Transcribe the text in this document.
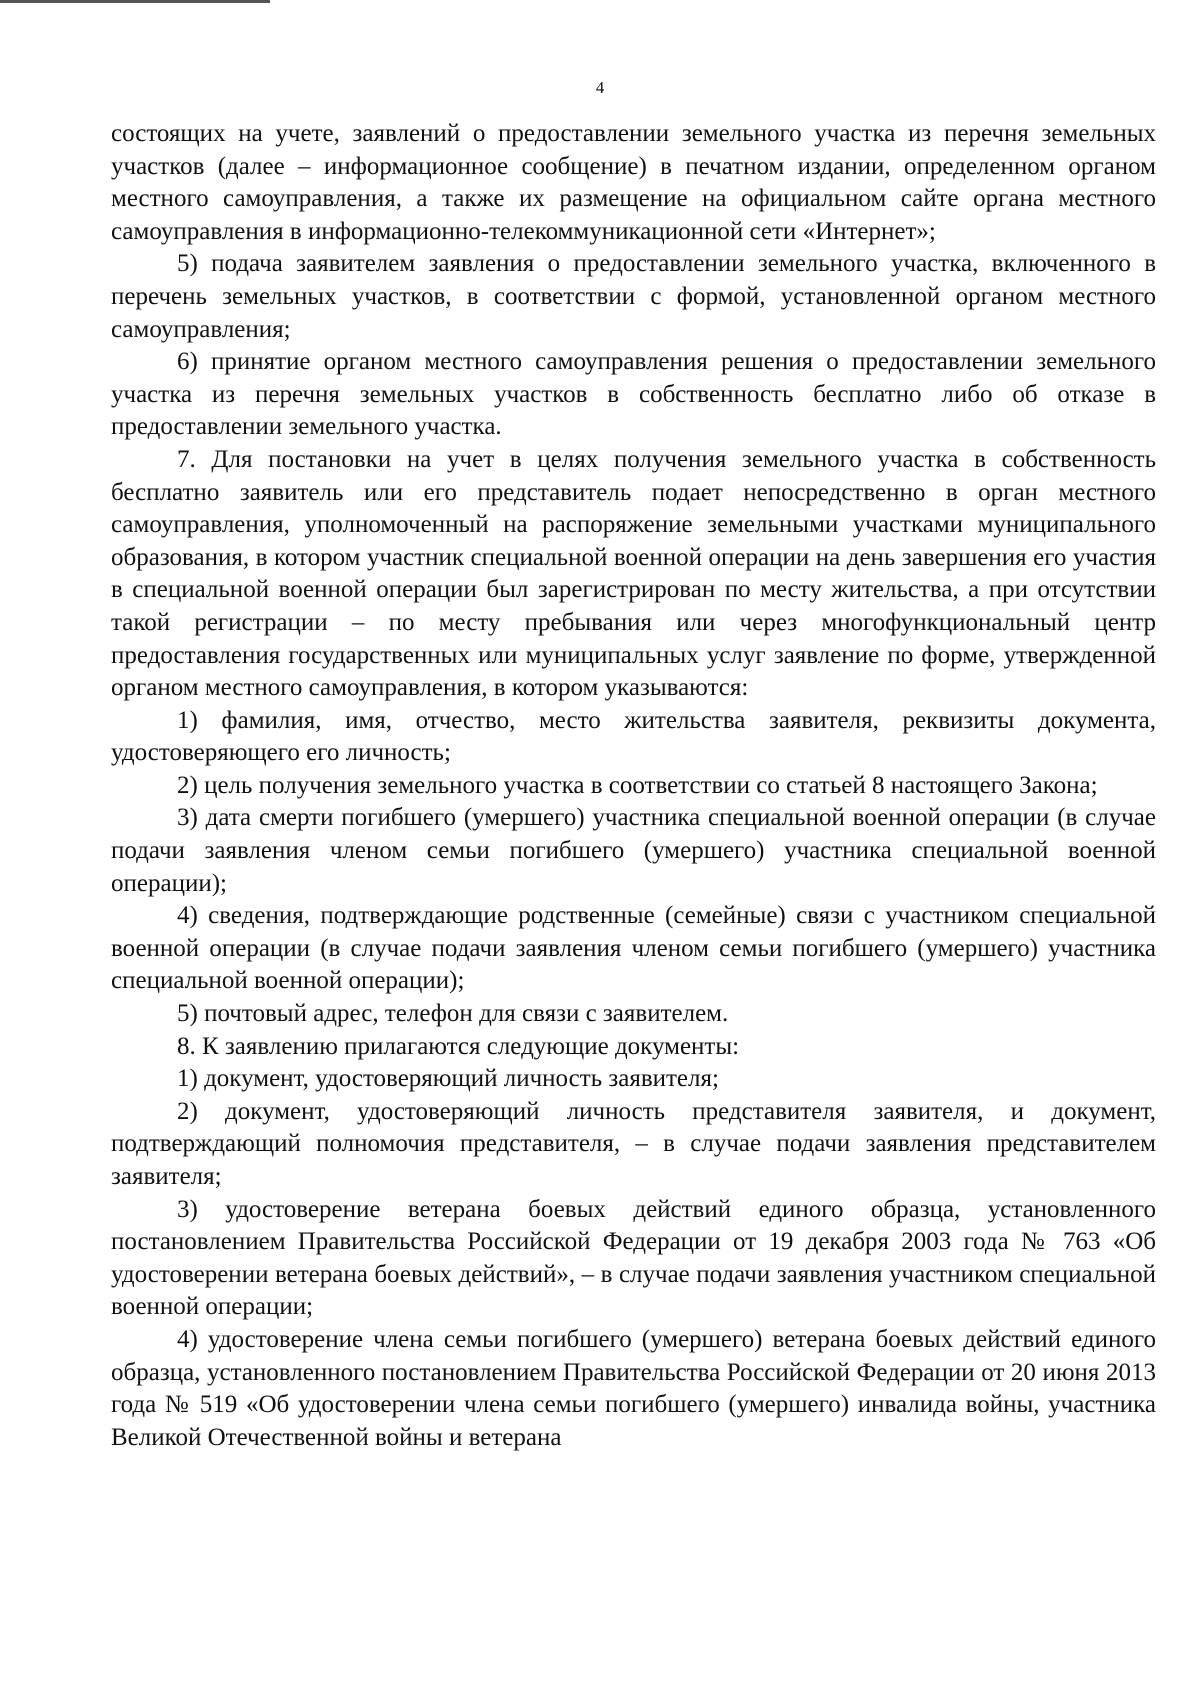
4

состоящих на учете, заявлений о предоставлении земельного участка из перечня земельных участков (далее – информационное сообщение) в печатном издании, определенном органом местного самоуправления, а также их размещение на официальном сайте органа местного самоуправления в информационно-телекоммуникационной сети «Интернет»;

5) подача заявителем заявления о предоставлении земельного участка, включенного в перечень земельных участков, в соответствии с формой, установленной органом местного самоуправления;

6) принятие органом местного самоуправления решения о предоставлении земельного участка из перечня земельных участков в собственность бесплатно либо об отказе в предоставлении земельного участка.

7. Для постановки на учет в целях получения земельного участка в собственность бесплатно заявитель или его представитель подает непосредственно в орган местного самоуправления, уполномоченный на распоряжение земельными участками муниципального образования, в котором участник специальной военной операции на день завершения его участия в специальной военной операции был зарегистрирован по месту жительства, а при отсутствии такой регистрации – по месту пребывания или через многофункциональный центр предоставления государственных или муниципальных услуг заявление по форме, утвержденной органом местного самоуправления, в котором указываются:

1) фамилия, имя, отчество, место жительства заявителя, реквизиты документа, удостоверяющего его личность;

2) цель получения земельного участка в соответствии со статьей 8 настоящего Закона;

3) дата смерти погибшего (умершего) участника специальной военной операции (в случае подачи заявления членом семьи погибшего (умершего) участника специальной военной операции);

4) сведения, подтверждающие родственные (семейные) связи с участником специальной военной операции (в случае подачи заявления членом семьи погибшего (умершего) участника специальной военной операции);

5) почтовый адрес, телефон для связи с заявителем.

8. К заявлению прилагаются следующие документы:

1) документ, удостоверяющий личность заявителя;

2) документ, удостоверяющий личность представителя заявителя, и документ, подтверждающий полномочия представителя, – в случае подачи заявления представителем заявителя;

3) удостоверение ветерана боевых действий единого образца, установленного постановлением Правительства Российской Федерации от 19 декабря 2003 года № 763 «Об удостоверении ветерана боевых действий», – в случае подачи заявления участником специальной военной операции;

4) удостоверение члена семьи погибшего (умершего) ветерана боевых действий единого образца, установленного постановлением Правительства Российской Федерации от 20 июня 2013 года № 519 «Об удостоверении члена семьи погибшего (умершего) инвалида войны, участника Великой Отечественной войны и ветерана
